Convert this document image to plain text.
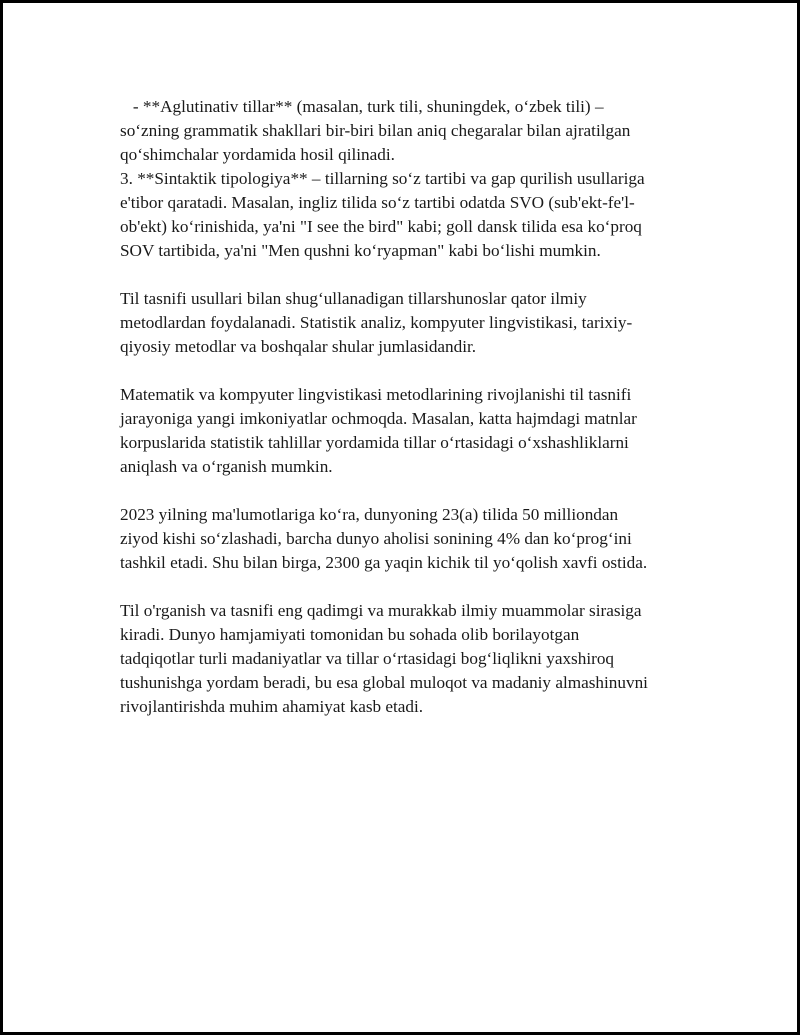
- **Aglutinativ tillar** (masalan, turk tili, shuningdek, o‘zbek tili) –
so‘zning grammatik shakllari bir-biri bilan aniq chegaralar bilan ajratilgan
qo‘shimchalar yordamida hosil qilinadi.
3. **Sintaktik tipologiya** – tillarning so‘z tartibi va gap qurilish usullariga
e'tibor qaratadi. Masalan, ingliz tilida so‘z tartibi odatda SVO (sub'ekt-fe'l-
ob'ekt) ko‘rinishida, ya'ni "I see the bird" kabi; goll dansk tilida esa ko‘proq
SOV tartibida, ya'ni "Men qushni ko‘ryapman" kabi bo‘lishi mumkin.
Til tasnifi usullari bilan shug‘ullanadigan tillarshunoslar qator ilmiy
metodlardan foydalanadi. Statistik analiz, kompyuter lingvistikasi, tarixiy-
qiyosiy metodlar va boshqalar shular jumlasidandir.
Matematik va kompyuter lingvistikasi metodlarining rivojlanishi til tasnifi
jarayoniga yangi imkoniyatlar ochmoqda. Masalan, katta hajmdagi matnlar
korpuslarida statistik tahlillar yordamida tillar o‘rtasidagi o‘xshashliklarni
aniqlash va o‘rganish mumkin.
2023 yilning ma'lumotlariga ko‘ra, dunyoning 23(a) tilida 50 milliondan
ziyod kishi so‘zlashadi, barcha dunyo aholisi sonining 4% dan ko‘prog‘ini
tashkil etadi. Shu bilan birga, 2300 ga yaqin kichik til yo‘qolish xavfi ostida.
Til o'rganish va tasnifi eng qadimgi va murakkab ilmiy muammolar sirasiga
kiradi. Dunyo hamjamiyati tomonidan bu sohada olib borilayotgan
tadqiqotlar turli madaniyatlar va tillar o‘rtasidagi bog‘liqlikni yaxshiroq
tushunishga yordam beradi, bu esa global muloqot va madaniy almashinuvni
rivojlantirishda muhim ahamiyat kasb etadi.
